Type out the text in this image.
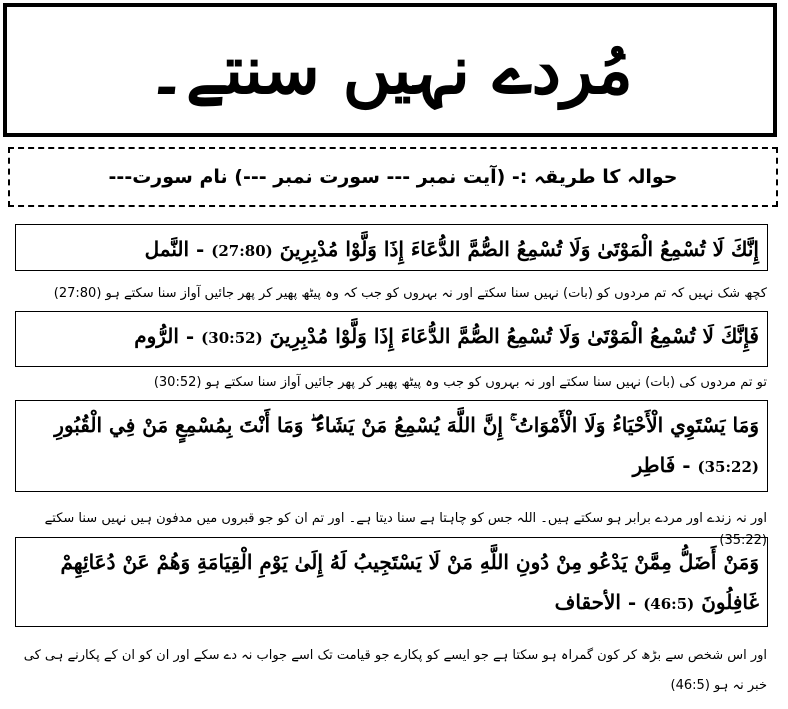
مُردے نہیں سنتے۔
حوالہ کا طریقہ :- (آیت نمبر --- سورت نمبر ---) نام سورت---
إِنَّكَ لَا تُسْمِعُ الْمَوْتَىٰ وَلَا تُسْمِعُ الصُّمَّ الدُّعَاءَ إِذَا وَلَّوْا مُدْبِرِينَ (27:80) - النَّمل
کچھ شک نہیں کہ تم مردوں کو (بات) نہیں سنا سکتے اور نہ بہروں کو جب کہ وہ پیٹھ پھیر کر پھر جائیں آواز سنا سکتے ہو (27:80)
فَإِنَّكَ لَا تُسْمِعُ الْمَوْتَىٰ وَلَا تُسْمِعُ الصُّمَّ الدُّعَاءَ إِذَا وَلَّوْا مُدْبِرِينَ (30:52) - الرُّوم
تو تم مردوں کی (بات) نہیں سنا سکتے اور نہ بہروں کو جب وہ پیٹھ پھیر کر پھر جائیں آواز سنا سکتے ہو (30:52)
وَمَا يَسْتَوِي الْأَحْيَاءُ وَلَا الْأَمْوَاتُ ۚ إِنَّ اللَّهَ يُسْمِعُ مَنْ يَشَاءُ ۖ وَمَا أَنْتَ بِمُسْمِعٍ مَنْ فِي الْقُبُورِ (35:22) - فَاطِر
اور نہ زندے اور مردے برابر ہو سکتے ہیں۔ اللہ جس کو چاہتا ہے سنا دیتا ہے۔ اور تم ان کو جو قبروں میں مدفون ہیں نہیں سنا سکتے (35:22)
وَمَنْ أَضَلُّ مِمَّنْ يَدْعُو مِنْ دُونِ اللَّهِ مَنْ لَا يَسْتَجِيبُ لَهُ إِلَىٰ يَوْمِ الْقِيَامَةِ وَهُمْ عَنْ دُعَائِهِمْ غَافِلُونَ (46:5) - الأحقاف
اور اس شخص سے بڑھ کر کون گمراہ ہو سکتا ہے جو ایسے کو پکارے جو قیامت تک اسے جواب نہ دے سکے اور ان کو ان کے پکارنے ہی کی خبر نہ ہو (46:5)
